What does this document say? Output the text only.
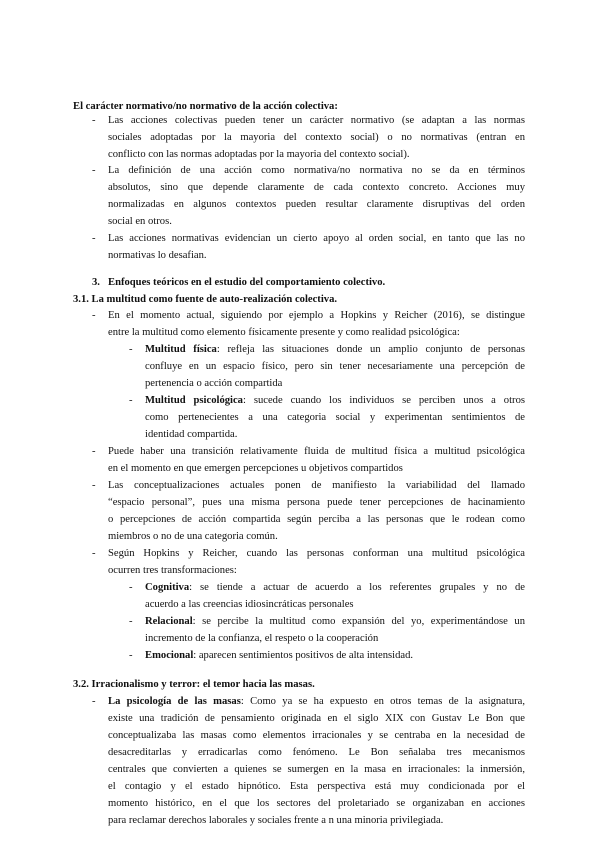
El carácter normativo/no normativo de la acción colectiva:
- Las acciones colectivas pueden tener un carácter normativo (se adaptan a las normas
sociales adoptadas por la mayoria del contexto social) o no normativas (entran en
conflicto con las normas adoptadas por la mayoria del contexto social).
- La definición de una acción como normativa/no normativa no se da en términos
absolutos, sino que depende claramente de cada contexto concreto. Acciones muy
normalizadas en algunos contextos pueden resultar claramente disruptivas del orden
social en otros.
- Las acciones normativas evidencian un cierto apoyo al orden social, en tanto que las no
normativas lo desafian.
3. Enfoques teóricos en el estudio del comportamiento colectivo.
3.1. La multitud como fuente de auto-realización colectiva.
- En el momento actual, siguiendo por ejemplo a Hopkins y Reicher (2016), se distingue
entre la multitud como elemento físicamente presente y como realidad psicológica:
- Multitud física: refleja las situaciones donde un amplio conjunto de personas
confluye en un espacio físico, pero sin tener necesariamente una percepción de
pertenencia o acción compartida
- Multitud psicológica: sucede cuando los individuos se perciben unos a otros
como pertenecientes a una categoria social y experimentan sentimientos de
identidad compartida.
- Puede haber una transición relativamente fluida de multitud física a multitud psicológica
en el momento en que emergen percepciones u objetivos compartidos
- Las conceptualizaciones actuales ponen de manifiesto la variabilidad del llamado
“espacio personal”, pues una misma persona puede tener percepciones de hacinamiento
o percepciones de acción compartida según perciba a las personas que le rodean como
miembros o no de una categoria común.
- Según Hopkins y Reicher, cuando las personas conforman una multitud psicológica
ocurren tres transformaciones:
- Cognitiva: se tiende a actuar de acuerdo a los referentes grupales y no de
acuerdo a las creencias idiosincráticas personales
- Relacional: se percibe la multitud como expansión del yo, experimentándose un
incremento de la confianza, el respeto o la cooperación
- Emocional: aparecen sentimientos positivos de alta intensidad.
3.2. Irracionalismo y terror: el temor hacia las masas.
- La psicología de las masas: Como ya se ha expuesto en otros temas de la asignatura,
existe una tradición de pensamiento originada en el siglo XIX con Gustav Le Bon que
conceptualizaba las masas como elementos irracionales y se centraba en la necesidad de
desacreditarlas y erradicarlas como fenómeno. Le Bon señalaba tres mecanismos
centrales que convierten a quienes se sumergen en la masa en irracionales: la inmersión,
el contagio y el estado hipnótico. Esta perspectiva está muy condicionada por el
momento histórico, en el que los sectores del proletariado se organizaban en acciones
para reclamar derechos laborales y sociales frente a n una minoria privilegiada.
